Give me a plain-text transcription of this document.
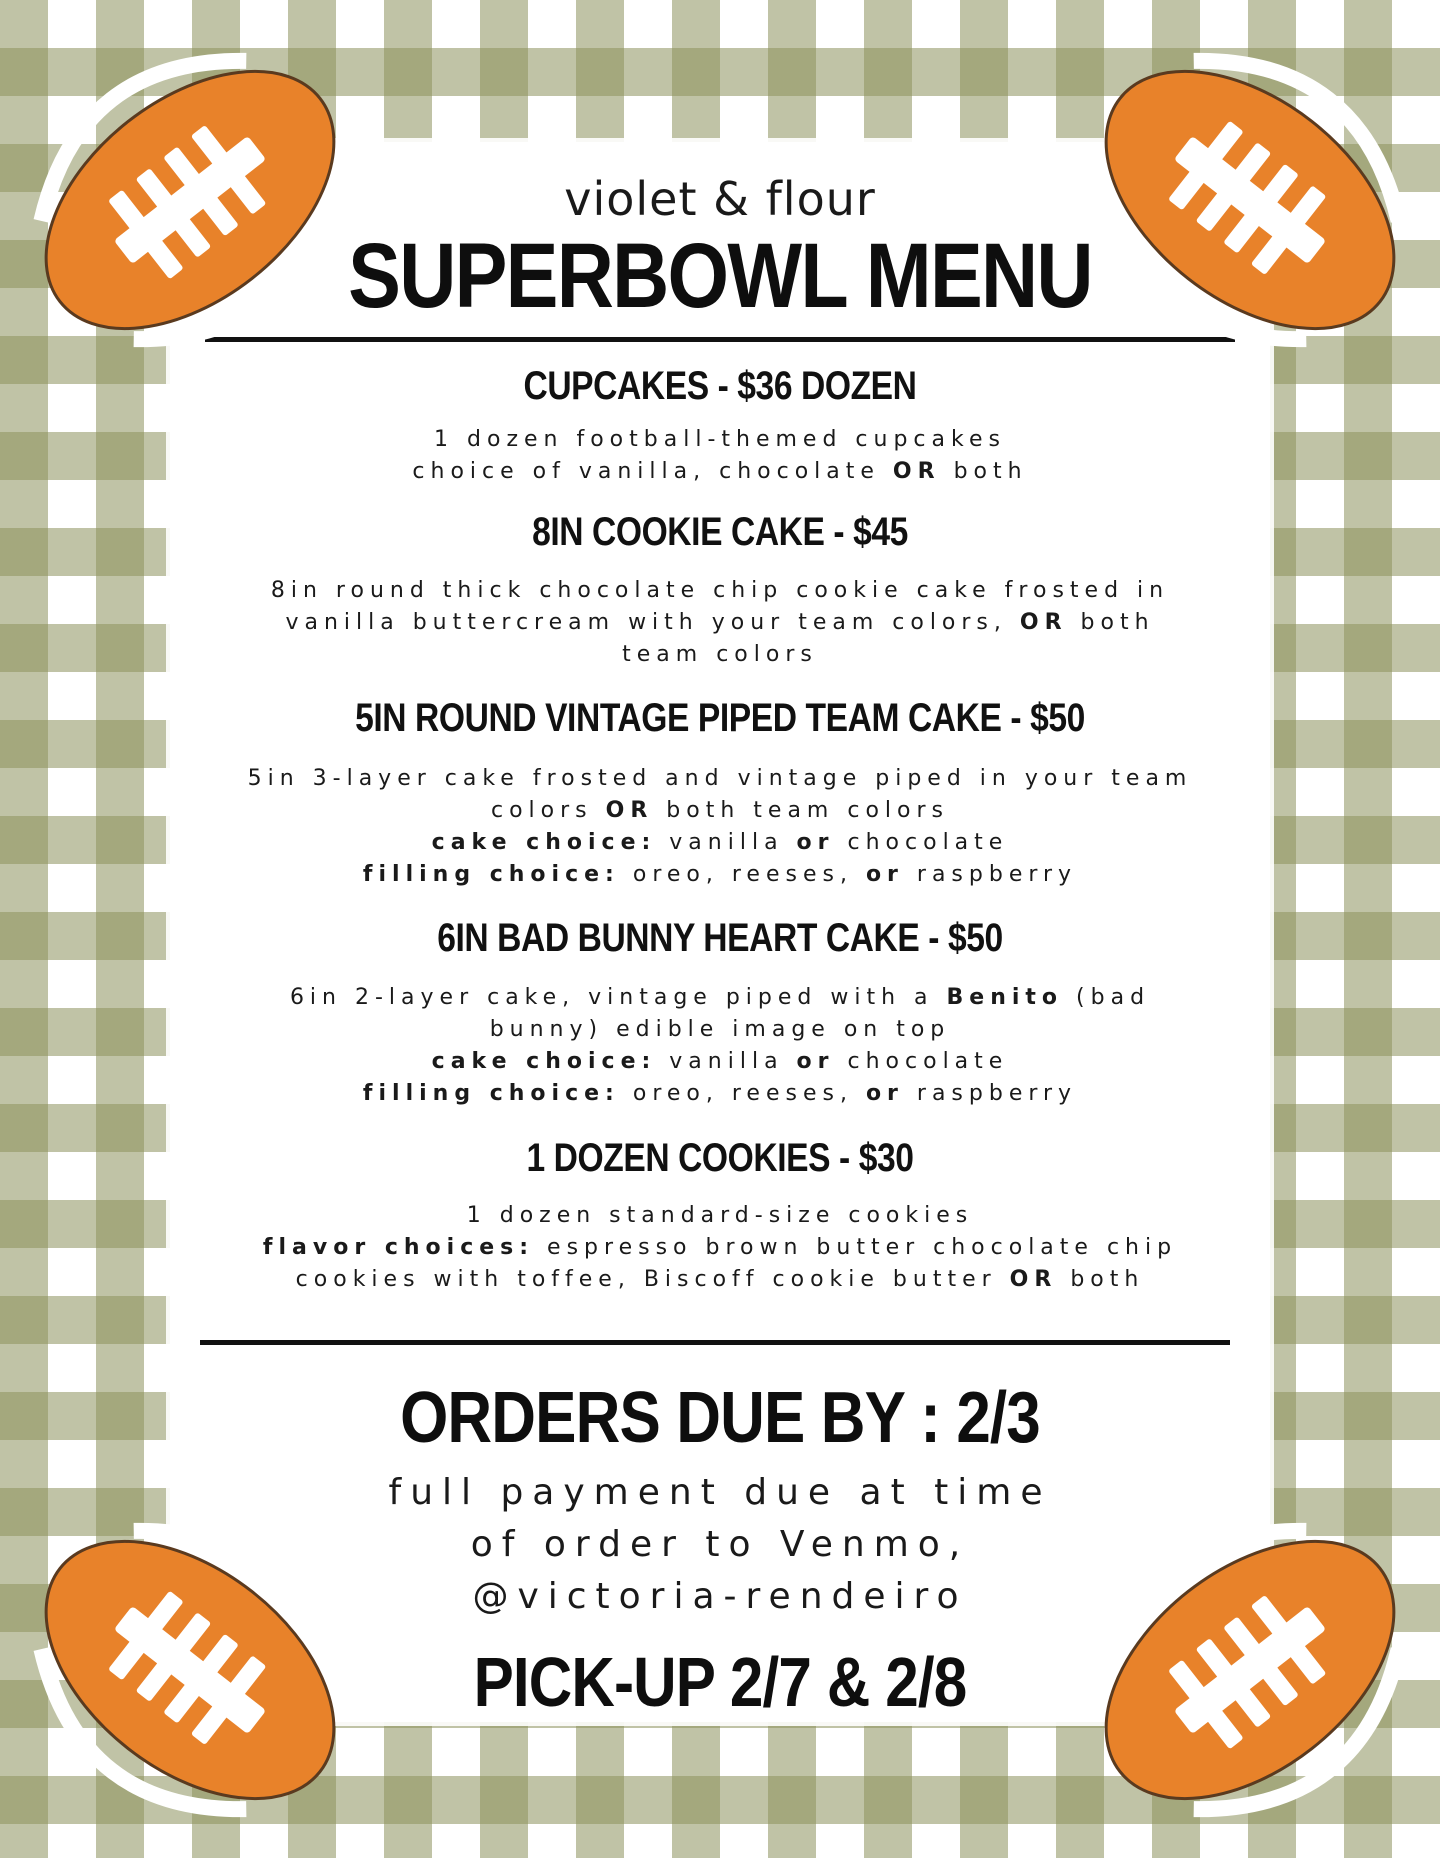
violet & flour
SUPERBOWL MENU
CUPCAKES - $36 DOZEN
1 dozen football-themed cupcakes
choice of vanilla, chocolate OR both
8IN COOKIE CAKE - $45
8in round thick chocolate chip cookie cake frosted in
vanilla buttercream with your team colors, OR both
team colors
5IN ROUND VINTAGE PIPED TEAM CAKE - $50
5in 3-layer cake frosted and vintage piped in your team
colors OR both team colors
cake choice: vanilla or chocolate
filling choice: oreo, reeses, or raspberry
6IN BAD BUNNY HEART CAKE - $50
6in 2-layer cake, vintage piped with a Benito (bad
bunny) edible image on top
cake choice: vanilla or chocolate
filling choice: oreo, reeses, or raspberry
1 DOZEN COOKIES - $30
1 dozen standard-size cookies
flavor choices: espresso brown butter chocolate chip
cookies with toffee, Biscoff cookie butter OR both
ORDERS DUE BY : 2/3
full payment due at time
of order to Venmo,
@victoria-rendeiro
PICK-UP 2/7 & 2/8
